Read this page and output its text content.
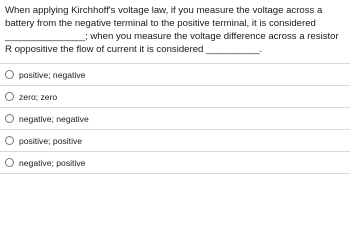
When applying Kirchhoff's voltage law, if you measure the voltage across a battery from the negative terminal to the positive terminal, it is considered _______________; when you measure the voltage difference across a resistor R oppositive the flow of current it is considered __________.

positive; negative
zero; zero
negative; negative
positive; positive
negative; positive
